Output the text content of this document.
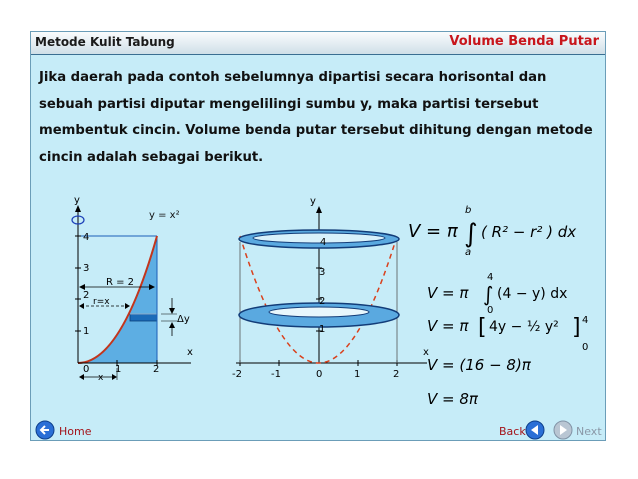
Metode Kulit Tabung	Volume Benda Putar
Jika daerah pada contoh sebelumnya dipartisi secara horisontal dan sebuah partisi diputar mengelilingi sumbu y, maka partisi tersebut membentuk cincin. Volume benda putar tersebut dihitung dengan metode cincin adalah sebagai berikut.
y
x
y = x²
4
3
2
1
0	1	2
R = 2
r=x
Δy
x
y
x
4
3
2
1
-2	-1	0	1	2
V = π ∫
b
a
( R² − r² ) dx
V = π ∫
4
0
(4 − y) dx
V = π [ 4y − ½ y² ] 4
0
V = (16 − 8)π
V = 8π
Home	Back	Next
